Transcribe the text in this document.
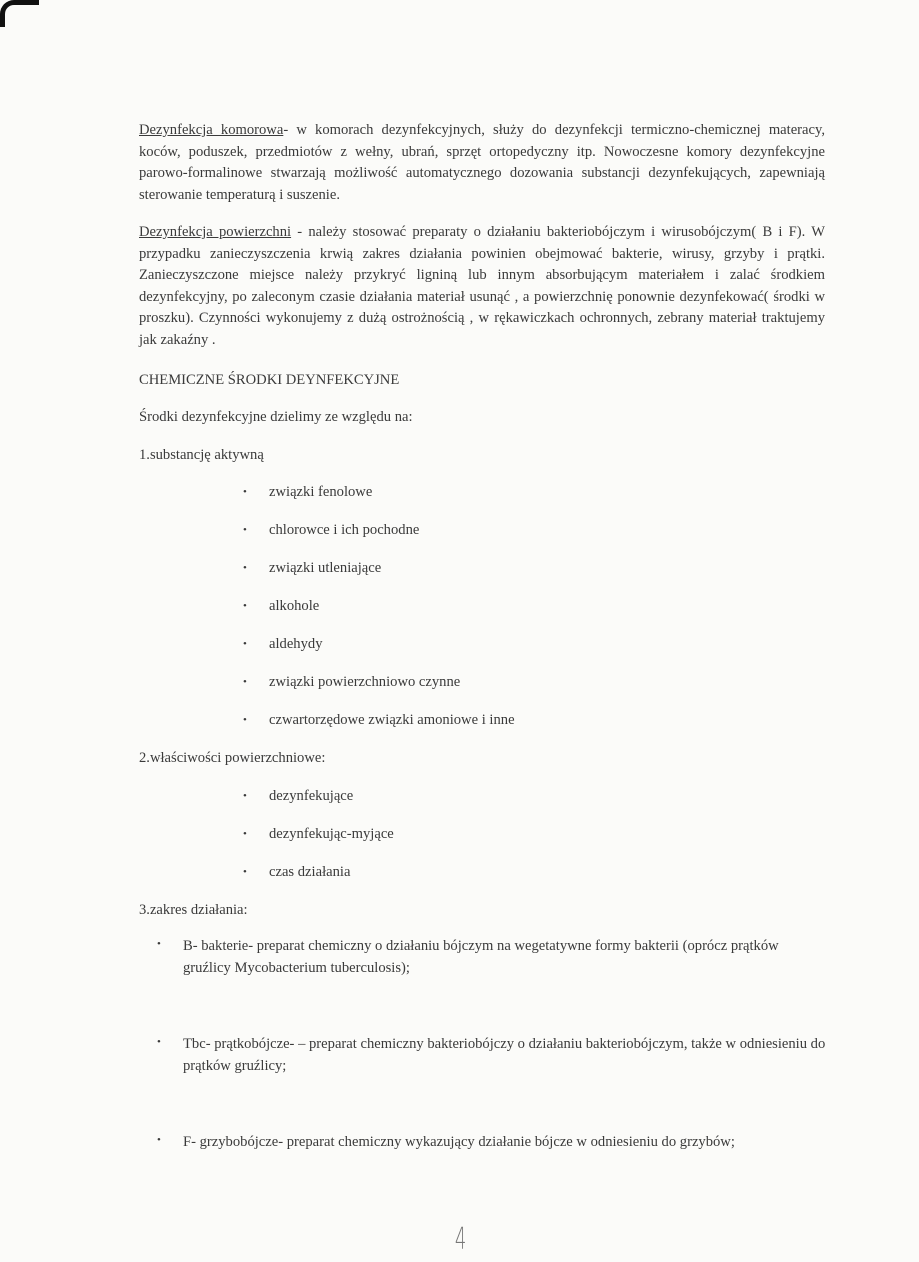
Dezynfekcja komorowa- w komorach dezynfekcyjnych, służy do dezynfekcji termiczno-chemicznej materacy, koców, poduszek, przedmiotów z wełny, ubrań, sprzęt ortopedyczny itp. Nowoczesne komory dezynfekcyjne parowo-formalinowe stwarzają możliwość automatycznego dozowania substancji dezynfekujących, zapewniają sterowanie temperaturą i suszenie.

Dezynfekcja powierzchni - należy stosować preparaty o działaniu bakteriobójczym i wirusobójczym( B i F). W przypadku zanieczyszczenia krwią zakres działania powinien obejmować bakterie, wirusy, grzyby i prątki. Zanieczyszczone miejsce należy przykryć ligniną lub innym absorbującym materiałem i zalać środkiem dezynfekcyjny, po zaleconym czasie działania materiał usunąć , a powierzchnię ponownie dezynfekować( środki w proszku). Czynności wykonujemy z dużą ostrożnością , w rękawiczkach ochronnych, zebrany materiał traktujemy jak zakaźny .

CHEMICZNE ŚRODKI DEYNFEKCYJNE

Środki dezynfekcyjne dzielimy ze względu na:

1.substancję aktywną

• związki fenolowe
• chlorowce i ich pochodne
• związki utleniające
• alkohole
• aldehydy
• związki powierzchniowo czynne
• czwartorzędowe związki amoniowe i inne

2.właściwości powierzchniowe:

• dezynfekujące
• dezynfekując-myjące
• czas działania

3.zakres działania:

• B- bakterie- preparat chemiczny o działaniu bójczym na wegetatywne formy bakterii (oprócz prątków gruźlicy Mycobacterium tuberculosis);
• Tbc- prątkobójcze- – preparat chemiczny bakteriobójczy o działaniu bakteriobójczym, także w odniesieniu do prątków gruźlicy;
• F- grzybobójcze- preparat chemiczny wykazujący działanie bójcze w odniesieniu do grzybów;
4
